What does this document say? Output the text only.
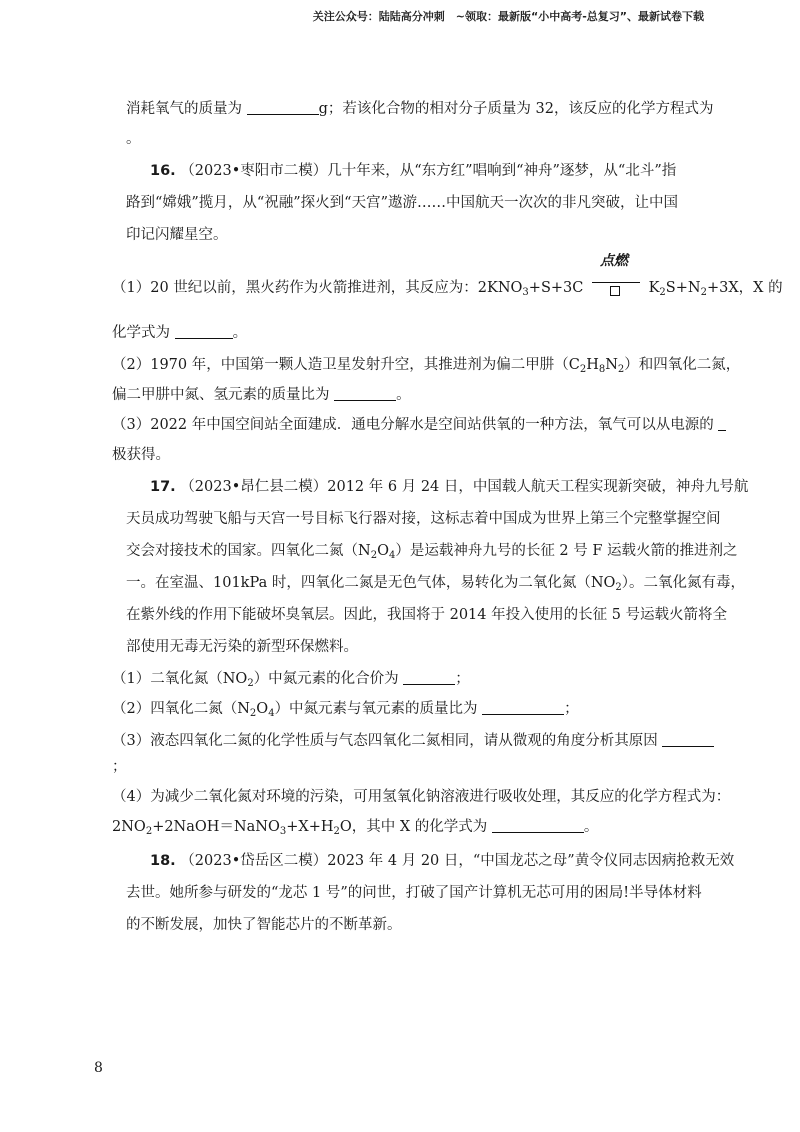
关注公众号：陆陆高分冲刺　~领取：最新版“小中高考-总复习”、最新试卷下载
消耗氧气的质量为	g；若该化合物的相对分子质量为 32，该反应的化学方程式为
。
16. （2023•枣阳市二模）几十年来，从“东方红”唱响到“神舟”逐梦，从“北斗”指
路到“嫦娥”揽月，从“祝融”探火到“天宫”遨游……中国航天一次次的非凡突破，让中国
印记闪耀星空。
（1）20 世纪以前，黑火药作为火箭推进剂，其反应为：$2KNO_3+S+3C$
点燃
$K_2S+N_2+3X$，X 的
化学式为	。
（2）1970 年，中国第一颗人造卫星发射升空，其推进剂为偏二甲肼$(C_2H_8N_2)$和四氧化二氮，
偏二甲肼中氮、氢元素的质量比为	。
（3）2022 年中国空间站全面建成．通电分解水是空间站供氧的一种方法，氧气可以从电源的
极获得。
17. （2023•昂仁县二模）2012 年 6 月 24 日，中国载人航天工程实现新突破，神舟九号航
天员成功驾驶飞船与天宫一号目标飞行器对接，这标志着中国成为世界上第三个完整掌握空间
交会对接技术的国家。四氧化二氮$(N_2O_4)$是运载神舟九号的长征 2 号 F 运载火箭的推进剂之
一。在室温、101kPa 时，四氧化二氮是无色气体，易转化为二氧化氮$(NO_2)$。二氧化氮有毒，
在紫外线的作用下能破坏臭氧层。因此，我国将于 2014 年投入使用的长征 5 号运载火箭将全
部使用无毒无污染的新型环保燃料。
（1）二氧化氮$(NO_2)$中氮元素的化合价为	；
（2）四氧化二氮$(N_2O_4)$中氮元素与氧元素的质量比为	；
（3）液态四氧化二氮的化学性质与气态四氧化二氮相同，请从微观的角度分析其原因
；
（4）为减少二氧化氮对环境的污染，可用氢氧化钠溶液进行吸收处理，其反应的化学方程式为：
$2NO_2+2NaOH=NaNO_3+X+H_2O$，其中 X 的化学式为	。
18. （2023•岱岳区二模）2023 年 4 月 20 日，“中国龙芯之母”黄令仪同志因病抢救无效
去世。她所参与研发的“龙芯 1 号”的问世，打破了国产计算机无芯可用的困局!半导体材料
的不断发展，加快了智能芯片的不断革新。
8
